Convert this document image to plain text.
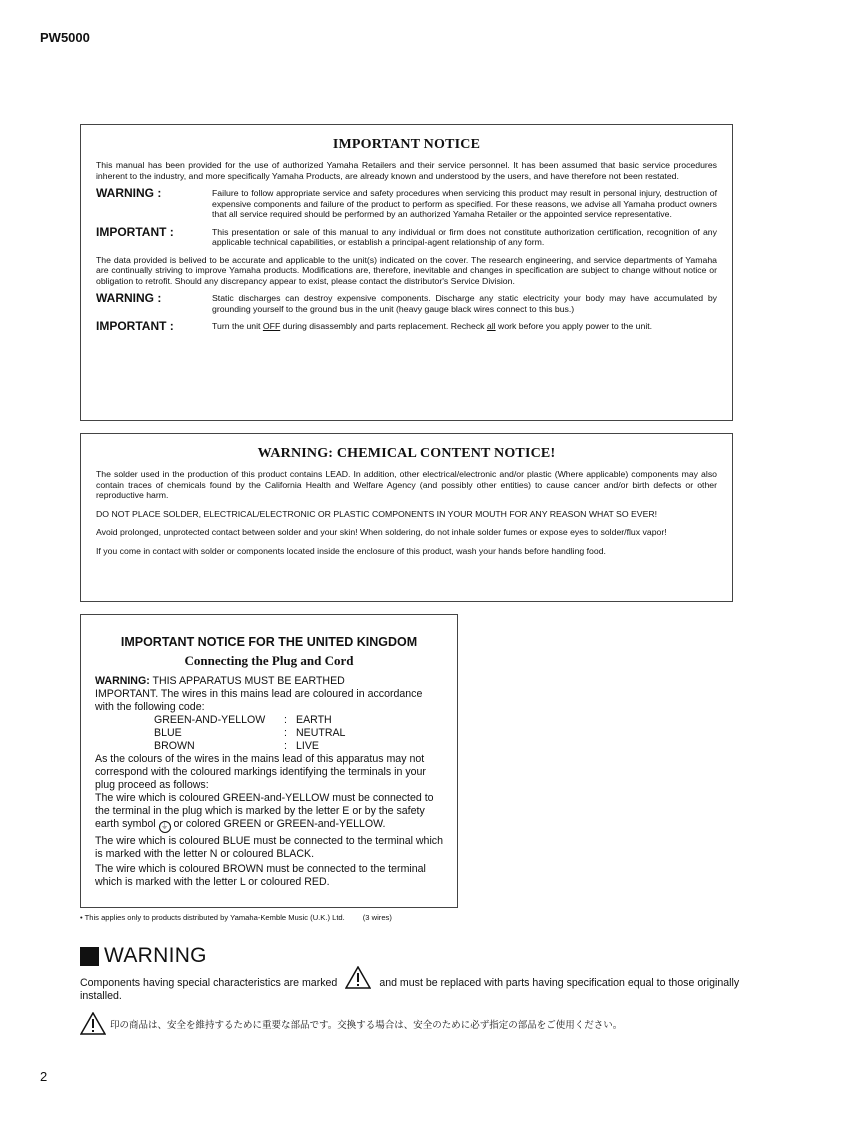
PW5000
IMPORTANT NOTICE

This manual has been provided for the use of authorized Yamaha Retailers and their service personnel. It has been assumed that basic service procedures inherent to the industry, and more specifically Yamaha Products, are already known and understood by the users, and have therefore not been restated.

WARNING :	Failure to follow appropriate service and safety procedures when servicing this product may result in personal injury, destruction of expensive components and failure of the product to perform as specified. For these reasons, we advise all Yamaha product owners that all service required should be performed by an authorized Yamaha Retailer or the appointed service representative.
IMPORTANT :	This presentation or sale of this manual to any individual or firm does not constitute authorization certification, recognition of any applicable technical capabilities, or establish a principal-agent relationship of any form.

The data provided is belived to be accurate and applicable to the unit(s) indicated on the cover. The research engineering, and service departments of Yamaha are continually striving to improve Yamaha products. Modifications are, therefore, inevitable and changes in specification are subject to change without notice or obligation to retrofit. Should any discrepancy appear to exist, please contact the distributor's Service Division.

WARNING :	Static discharges can destroy expensive components. Discharge any static electricity your body may have accumulated by grounding yourself to the ground bus in the unit (heavy gauge black wires connect to this bus.)
IMPORTANT :	Turn the unit OFF during disassembly and parts replacement. Recheck all work before you apply power to the unit.
WARNING: CHEMICAL CONTENT NOTICE!

The solder used in the production of this product contains LEAD. In addition, other electrical/electronic and/or plastic (Where applicable) components may also contain traces of chemicals found by the California Health and Welfare Agency (and possibly other entities) to cause cancer and/or birth defects or other reproductive harm.

DO NOT PLACE SOLDER, ELECTRICAL/ELECTRONIC OR PLASTIC COMPONENTS IN YOUR MOUTH FOR ANY REASON WHAT SO EVER!

Avoid prolonged, unprotected contact between solder and your skin! When soldering, do not inhale solder fumes or expose eyes to solder/flux vapor!

If you come in contact with solder or components located inside the enclosure of this product, wash your hands before handling food.

IMPORTANT NOTICE FOR THE UNITED KINGDOM
Connecting the Plug and Cord

WARNING: THIS APPARATUS MUST BE EARTHED

IMPORTANT. The wires in this mains lead are coloured in accordance with the following code:

GREEN-AND-YELLOW	: EARTH
BLUE	: NEUTRAL
BROWN	: LIVE

As the colours of the wires in the mains lead of this apparatus may not correspond with the coloured markings identifying the terminals in your plug proceed as follows:

The wire which is coloured GREEN-and-YELLOW must be connected to the terminal in the plug which is marked by the letter E or by the safety earth symbol ⏚ or colored GREEN or GREEN-and-YELLOW.

The wire which is coloured BLUE must be connected to the terminal which is marked with the letter N or coloured BLACK.

The wire which is coloured BROWN must be connected to the terminal which is marked with the letter L or coloured RED.

• This applies only to products distributed by Yamaha-Kemble Music (U.K.) Ltd. (3 wires)
WARNING
Components having special characteristics are marked	and must be replaced with parts having specification equal to those originally installed.
印の商品は、安全を維持するために重要な部品です。交換する場合は、安全のために必ず指定の部品をご使用ください。
2
